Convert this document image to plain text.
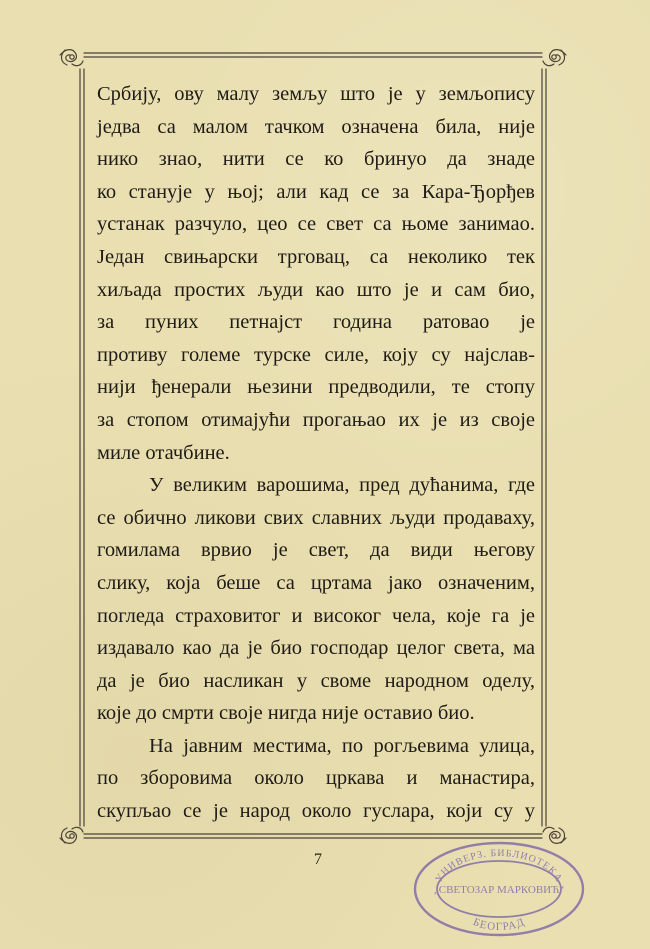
Србију, ову малу земљу што је у земљопису
једва са малом тачком означена била, није
нико знао, нити се ко бринуо да знаде
ко станује у њој; али кад се за Кара-Ђорђев
устанак разчуло, цео се свет са њоме занимао.
Један свињарски трговац, са неколико тек
хиљада простих људи као што је и сам био,
за пуних петнајст година ратовао је
противу големе турске силе, коју су најслав-
нији ђенерали њезини предводили, те стопу
за стопом отимајући прогањао их је из своје
миле отачбине.
У великим варошима, пред дућанима, где
се обично ликови свих славних људи продаваху,
гомилама врвио је свет, да види његову
слику, која беше са цртама јако означеним,
погледа страховитог и високог чела, које га је
издавало као да је био господар целог света, ма
да је био насликан у своме народном оделу,
које до смрти своје нигда није оставио био.
На јавним местима, по рогљевима улица,
по зборовима около цркава и манастира,
скупљао се је народ около гуслара, који су у
7
УНИВЕРЗ. БИБЛИОТЕКА
„СВЕТОЗАР МАРКОВИЋ“
БЕОГРАД
